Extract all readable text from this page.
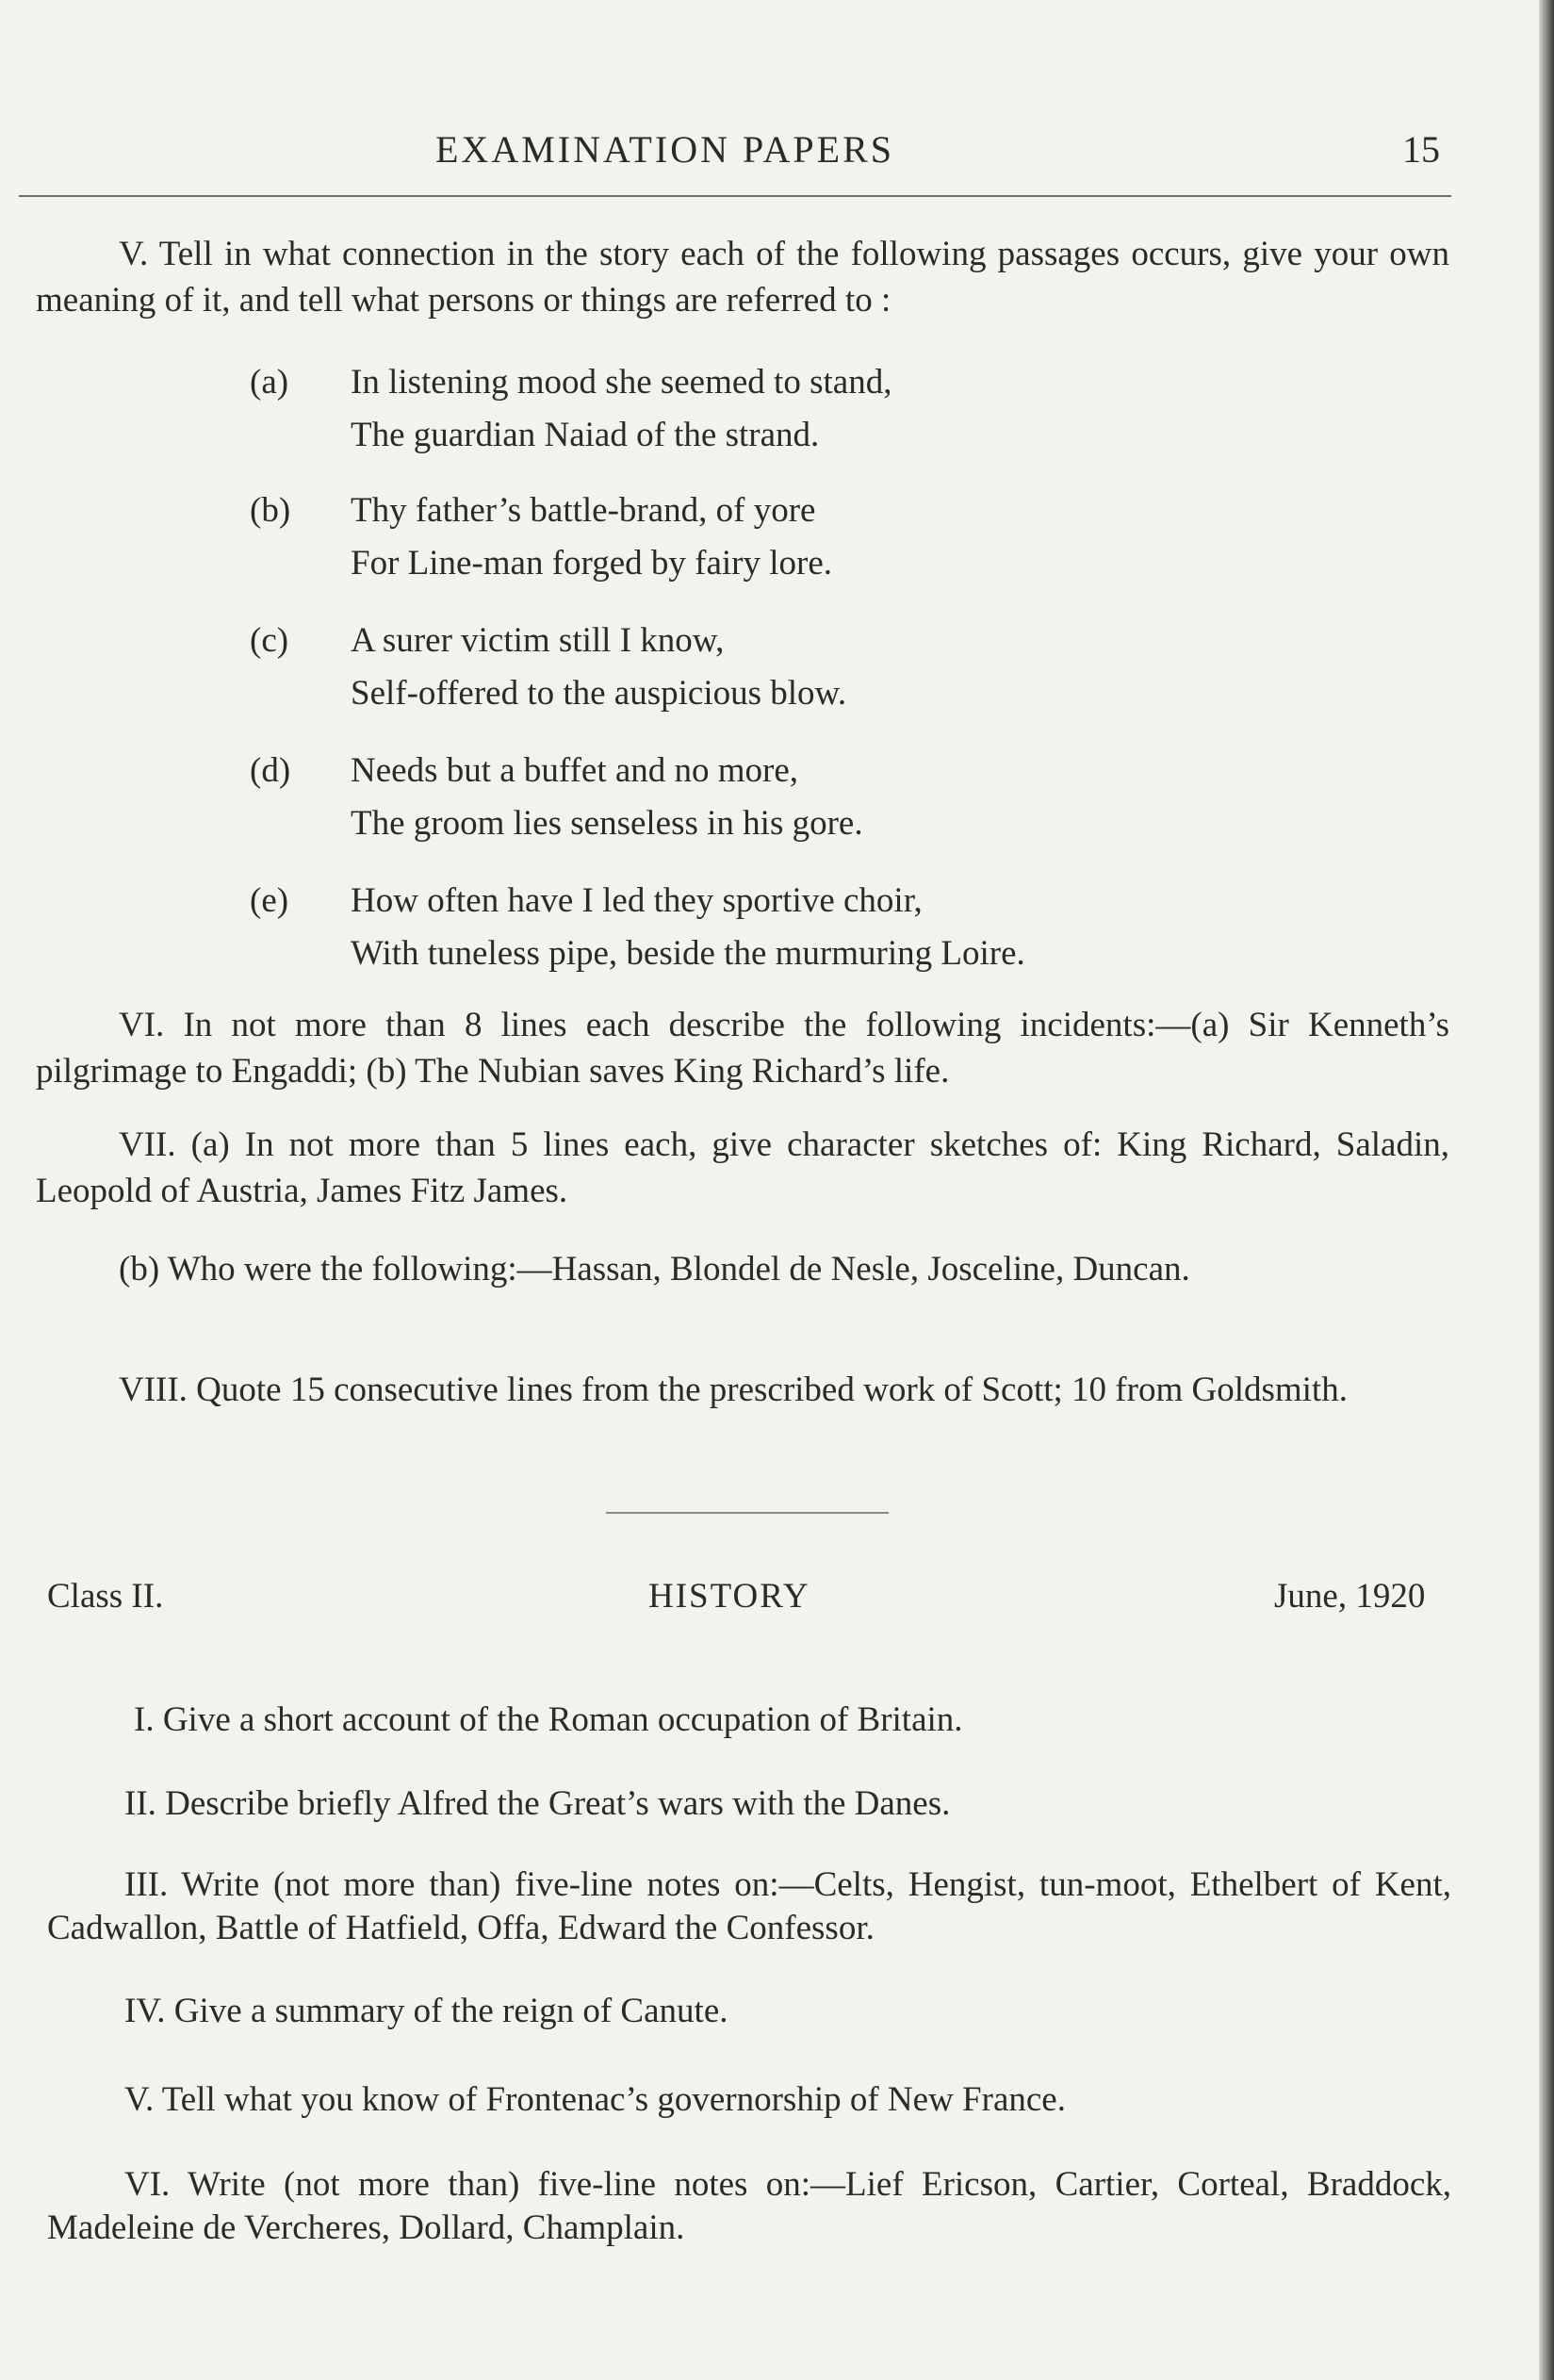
EXAMINATION PAPERS	15
V. Tell in what connection in the story each of the following passages occurs, give your own meaning of it, and tell what persons or things are referred to :
(a) In listening mood she seemed to stand,
The guardian Naiad of the strand.
(b) Thy father’s battle-brand, of yore
For Line-man forged by fairy lore.
(c) A surer victim still I know,
Self-offered to the auspicious blow.
(d) Needs but a buffet and no more,
The groom lies senseless in his gore.
(e) How often have I led they sportive choir,
With tuneless pipe, beside the murmuring Loire.
VI. In not more than 8 lines each describe the following incidents:—(a) Sir Kenneth’s pilgrimage to Engaddi; (b) The Nubian saves King Richard’s life.
VII. (a) In not more than 5 lines each, give character sketches of: King Richard, Saladin, Leopold of Austria, James Fitz James.
(b) Who were the following:—Hassan, Blondel de Nesle, Josceline, Duncan.
VIII. Quote 15 consecutive lines from the prescribed work of Scott; 10 from Goldsmith.
Class II.	HISTORY	June, 1920
I. Give a short account of the Roman occupation of Britain.
II. Describe briefly Alfred the Great’s wars with the Danes.
III. Write (not more than) five-line notes on:—Celts, Hengist, tun-moot, Ethelbert of Kent, Cadwallon, Battle of Hatfield, Offa, Edward the Confessor.
IV. Give a summary of the reign of Canute.
V. Tell what you know of Frontenac’s governorship of New France.
VI. Write (not more than) five-line notes on:—Lief Ericson, Cartier, Corteal, Braddock, Madeleine de Vercheres, Dollard, Champlain.
